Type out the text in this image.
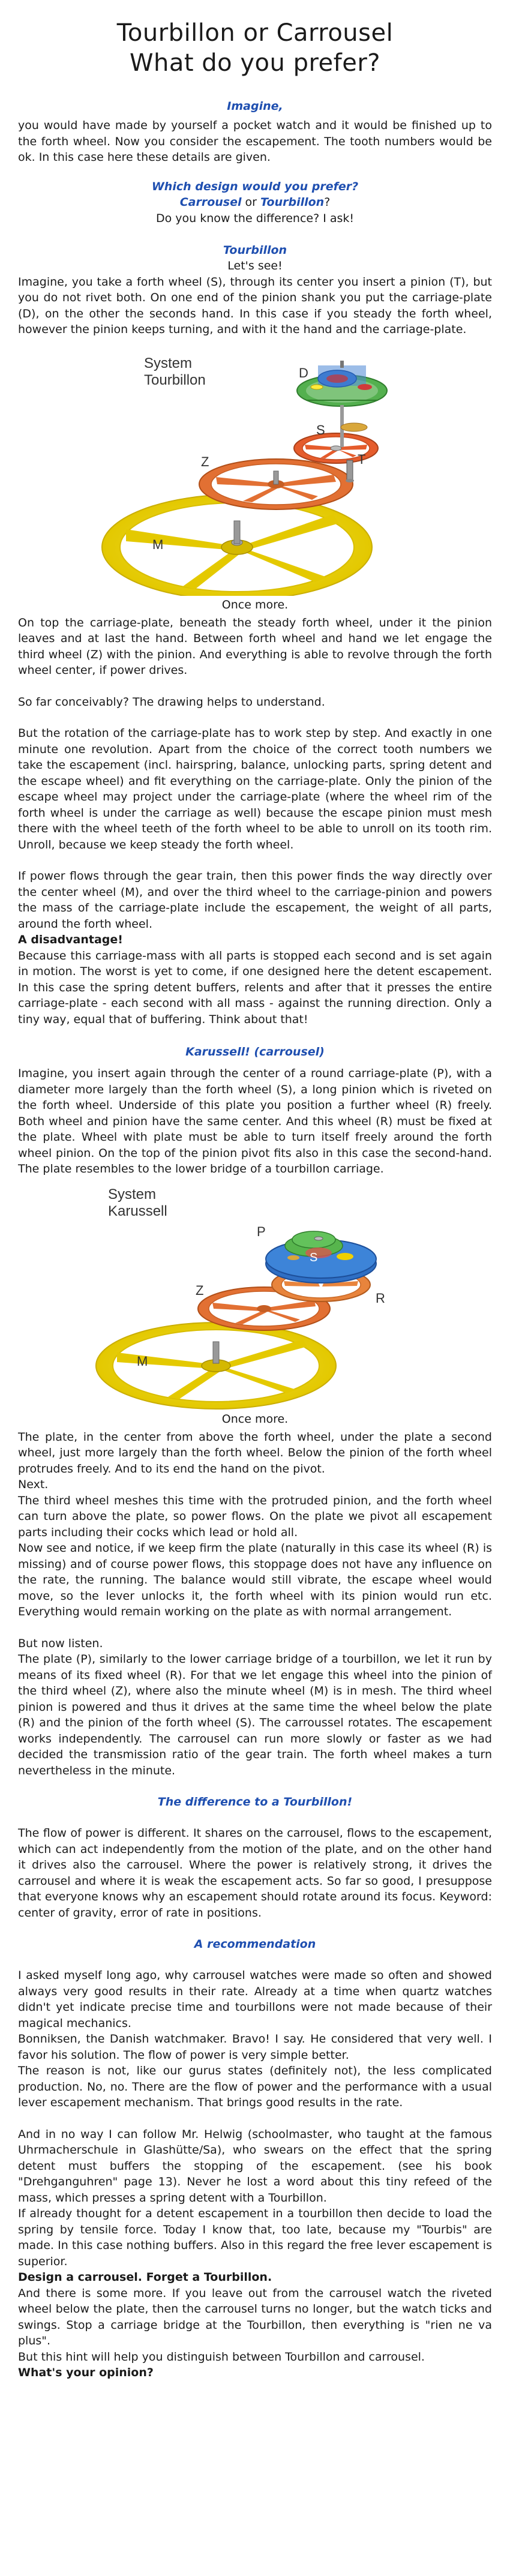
Tourbillon or Carrousel
What do you prefer?
Imagine,

you would have made by yourself a pocket watch and it would be finished up to the forth wheel. Now you consider the escapement. The tooth numbers would be ok. In this case here these details are given.

Which design would you prefer?
Carrousel or Tourbillon?
Do you know the difference? I ask!
Tourbillon
Let's see!

Imagine, you take a forth wheel (S), through its center you insert a pinion (T), but you do not rivet both. On one end of the pinion shank you put the carriage-plate (D), on the other the seconds hand. In this case if you steady the forth wheel, however the pinion keeps turning, and with it the hand and the carriage-plate.

System
Tourbillon
M
Z
S
T
D
Once more.

On top the carriage-plate, beneath the steady forth wheel, under it the pinion leaves and at last the hand. Between forth wheel and hand we let engage the third wheel (Z) with the pinion. And everything is able to revolve through the forth wheel center, if power drives.

So far conceivably? The drawing helps to understand.

But the rotation of the carriage-plate has to work step by step. And exactly in one minute one revolution. Apart from the choice of the correct tooth numbers we take the escapement (incl. hairspring, balance, unlocking parts, spring detent and the escape wheel) and fit everything on the carriage-plate. Only the pinion of the escape wheel may project under the carriage-plate (where the wheel rim of the forth wheel is under the carriage as well) because the escape pinion must mesh there with the wheel teeth of the forth wheel to be able to unroll on its tooth rim. Unroll, because we keep steady the forth wheel.

If power flows through the gear train, then this power finds the way directly over the center wheel (M), and over the third wheel to the carriage-pinion and powers the mass of the carriage-plate include the escapement, the weight of all parts, around the forth wheel.

A disadvantage!

Because this carriage-mass with all parts is stopped each second and is set again in motion. The worst is yet to come, if one designed here the detent escapement. In this case the spring detent buffers, relents and after that it presses the entire carriage-plate - each second with all mass - against the running direction. Only a tiny way, equal that of buffering. Think about that!

Karussell! (carrousel)

Imagine, you insert again through the center of a round carriage-plate (P), with a diameter more largely than the forth wheel (S), a long pinion which is riveted on the forth wheel. Underside of this plate you position a further wheel (R) freely. Both wheel and pinion have the same center. And this wheel (R) must be fixed at the plate. Wheel with plate must be able to turn itself freely around the forth wheel pinion. On the top of the pinion pivot fits also in this case the second-hand. The plate resembles to the lower bridge of a tourbillon carriage.

System
Karussell
M
Z
R
P
S
Once more.

The plate, in the center from above the forth wheel, under the plate a second wheel, just more largely than the forth wheel. Below the pinion of the forth wheel protrudes freely. And to its end the hand on the pivot.

Next.

The third wheel meshes this time with the protruded pinion, and the forth wheel can turn above the plate, so power flows. On the plate we pivot all escapement parts including their cocks which lead or hold all.

Now see and notice, if we keep firm the plate (naturally in this case its wheel (R) is missing) and of course power flows, this stoppage does not have any influence on the rate, the running. The balance would still vibrate, the escape wheel would move, so the lever unlocks it, the forth wheel with its pinion would run etc. Everything would remain working on the plate as with normal arrangement.

But now listen.

The plate (P), similarly to the lower carriage bridge of a tourbillon, we let it run by means of its fixed wheel (R). For that we let engage this wheel into the pinion of the third wheel (Z), where also the minute wheel (M) is in mesh. The third wheel pinion is powered and thus it drives at the same time the wheel below the plate (R) and the pinion of the forth wheel (S). The carroussel rotates. The escapement works independently. The carrousel can run more slowly or faster as we had decided the transmission ratio of the gear train. The forth wheel makes a turn nevertheless in the minute.

The difference to a Tourbillon!

The flow of power is different. It shares on the carrousel, flows to the escapement, which can act independently from the motion of the plate, and on the other hand it drives also the carrousel. Where the power is relatively strong, it drives the carrousel and where it is weak the escapement acts. So far so good, I presuppose that everyone knows why an escapement should rotate around its focus. Keyword: center of gravity, error of rate in positions.

A recommendation

I asked myself long ago, why carrousel watches were made so often and showed always very good results in their rate. Already at a time when quartz watches didn't yet indicate precise time and tourbillons were not made because of their magical mechanics.

Bonniksen, the Danish watchmaker. Bravo! I say. He considered that very well. I favor his solution. The flow of power is very simple better.

The reason is not, like our gurus states (definitely not), the less complicated production. No, no. There are the flow of power and the performance with a usual lever escapement mechanism. That brings good results in the rate.

And in no way I can follow Mr. Helwig (schoolmaster, who taught at the famous Uhrmacherschule in Glashütte/Sa), who swears on the effect that the spring detent must buffers the stopping of the escapement. (see his book "Drehganguhren" page 13). Never he lost a word about this tiny refeed of the mass, which presses a spring detent with a Tourbillon.

If already thought for a detent escapement in a tourbillon then decide to load the spring by tensile force. Today I know that, too late, because my "Tourbis" are made. In this case nothing buffers. Also in this regard the free lever escapement is superior.

Design a carrousel. Forget a Tourbillon.

And there is some more. If you leave out from the carrousel watch the riveted wheel below the plate, then the carrousel turns no longer, but the watch ticks and swings. Stop a carriage bridge at the Tourbillon, then everything is "rien ne va plus".

But this hint will help you distinguish between Tourbillon and carrousel.

What's your opinion?
